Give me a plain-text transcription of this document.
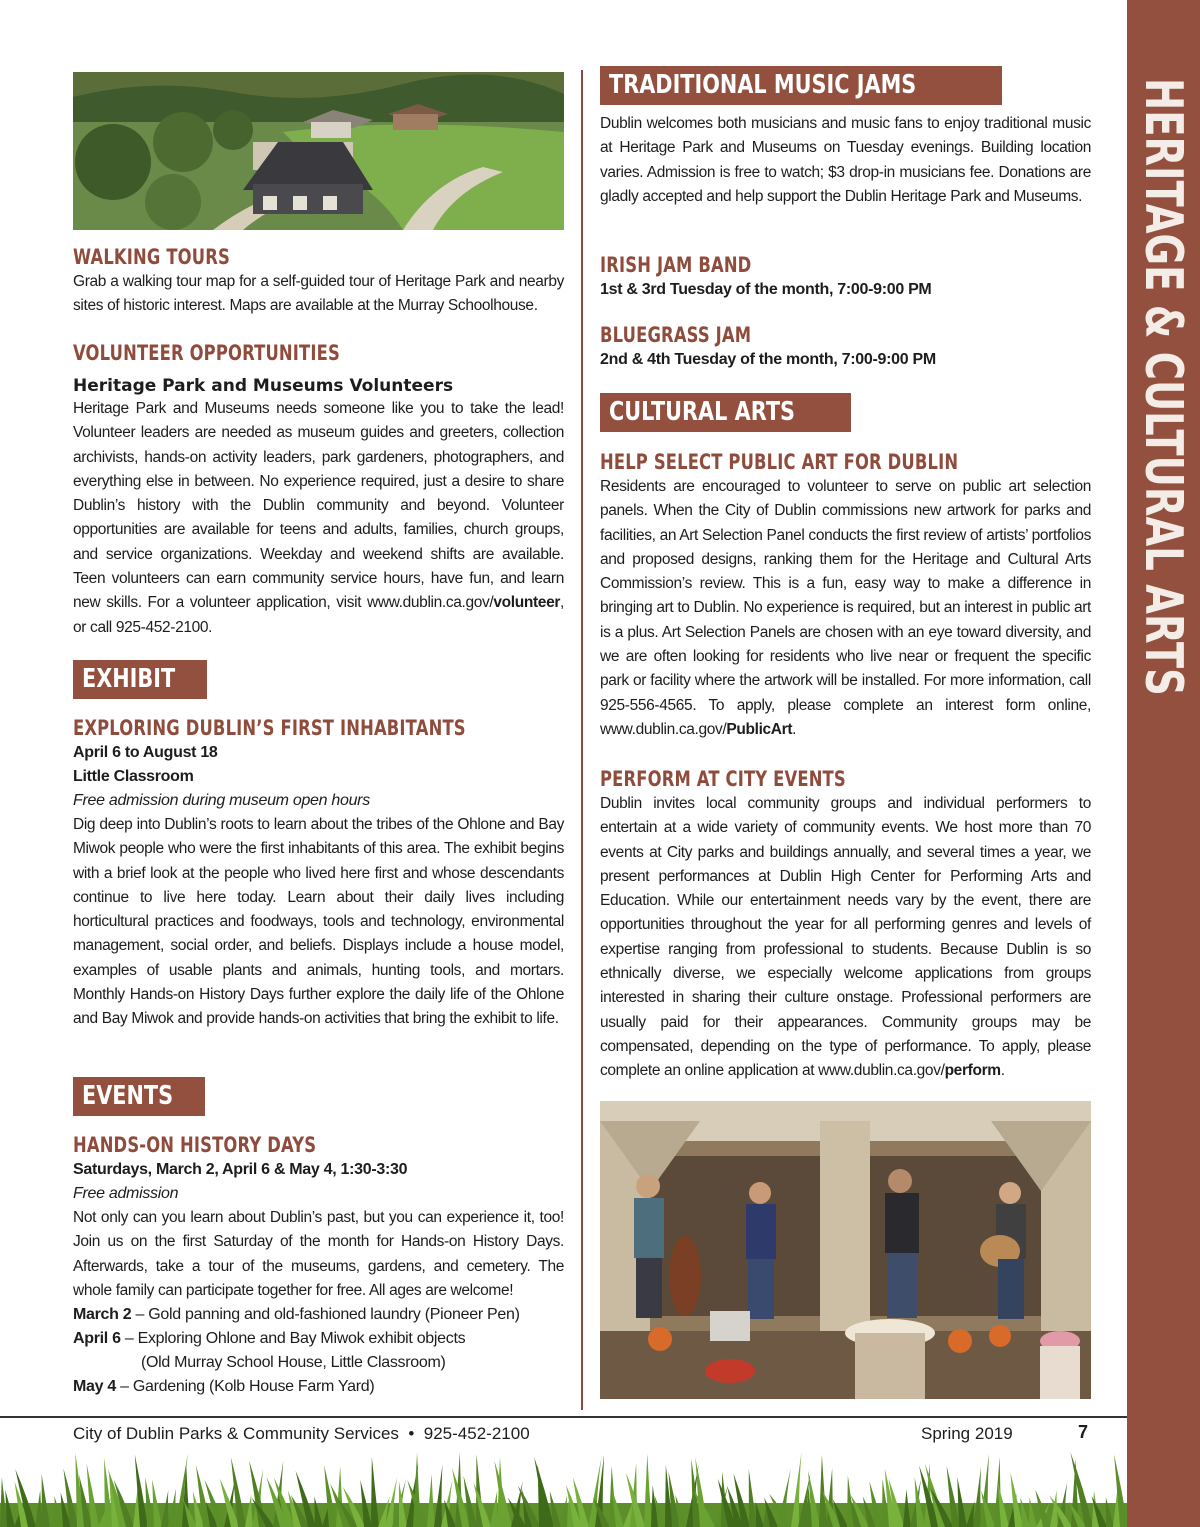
HERITAGE & CULTURAL ARTS
WALKING TOURS

Grab a walking tour map for a self-guided tour of Heritage Park and nearby sites of historic interest. Maps are available at the Murray Schoolhouse.

VOLUNTEER OPPORTUNITIES

Heritage Park and Museums Volunteers

Heritage Park and Museums needs someone like you to take the lead! Volunteer leaders are needed as museum guides and greeters, collection archivists, hands-on activity leaders, park gardeners, photographers, and everything else in between. No experience required, just a desire to share Dublin’s history with the Dublin community and beyond. Volunteer opportunities are available for teens and adults, families, church groups, and service organizations. Weekday and weekend shifts are available. Teen volunteers can earn community service hours, have fun, and learn new skills. For a volunteer application, visit www.dublin.ca.gov/volunteer, or call 925-452-2100.

EXHIBIT
EXPLORING DUBLIN’S FIRST INHABITANTS

April 6 to August 18

Little Classroom

Free admission during museum open hours

Dig deep into Dublin’s roots to learn about the tribes of the Ohlone and Bay Miwok people who were the first inhabitants of this area. The exhibit begins with a brief look at the people who lived here first and whose descendants continue to live here today. Learn about their daily lives including horticultural practices and foodways, tools and technology, environmental management, social order, and beliefs. Displays include a house model, examples of usable plants and animals, hunting tools, and mortars. Monthly Hands-on History Days further explore the daily life of the Ohlone and Bay Miwok and provide hands-on activities that bring the exhibit to life.

EVENTS
HANDS-ON HISTORY DAYS

Saturdays, March 2, April 6 & May 4, 1:30-3:30

Free admission

Not only can you learn about Dublin’s past, but you can experience it, too! Join us on the first Saturday of the month for Hands-on History Days. Afterwards, take a tour of the museums, gardens, and cemetery. The whole family can participate together for free. All ages are welcome!

March 2 – Gold panning and old-fashioned laundry (Pioneer Pen)

April 6 – Exploring Ohlone and Bay Miwok exhibit objects

(Old Murray School House, Little Classroom)

May 4 – Gardening (Kolb House Farm Yard)

TRADITIONAL MUSIC JAMS

Dublin welcomes both musicians and music fans to enjoy traditional music at Heritage Park and Museums on Tuesday evenings. Building location varies. Admission is free to watch; $3 drop-in musicians fee. Donations are gladly accepted and help support the Dublin Heritage Park and Museums.

IRISH JAM BAND

1st & 3rd Tuesday of the month, 7:00-9:00 PM

BLUEGRASS JAM

2nd & 4th Tuesday of the month, 7:00-9:00 PM

CULTURAL ARTS
HELP SELECT PUBLIC ART FOR DUBLIN

Residents are encouraged to volunteer to serve on public art selection panels. When the City of Dublin commissions new artwork for parks and facilities, an Art Selection Panel conducts the first review of artists’ portfolios and proposed designs, ranking them for the Heritage and Cultural Arts Commission’s review. This is a fun, easy way to make a difference in bringing art to Dublin. No experience is required, but an interest in public art is a plus. Art Selection Panels are chosen with an eye toward diversity, and we are often looking for residents who live near or frequent the specific park or facility where the artwork will be installed. For more information, call 925-556-4565. To apply, please complete an interest form online, www.dublin.ca.gov/PublicArt.

PERFORM AT CITY EVENTS

Dublin invites local community groups and individual performers to entertain at a wide variety of community events. We host more than 70 events at City parks and buildings annually, and several times a year, we present performances at Dublin High Center for Performing Arts and Education. While our entertainment needs vary by the event, there are opportunities throughout the year for all performing genres and levels of expertise ranging from professional to students. Because Dublin is so ethnically diverse, we especially welcome applications from groups interested in sharing their culture onstage. Professional performers are usually paid for their appearances. Community groups may be compensated, depending on the type of performance. To apply, please complete an online application at www.dublin.ca.gov/perform.

City of Dublin Parks & Community Services  •  925-452-2100	Spring 2019	7
